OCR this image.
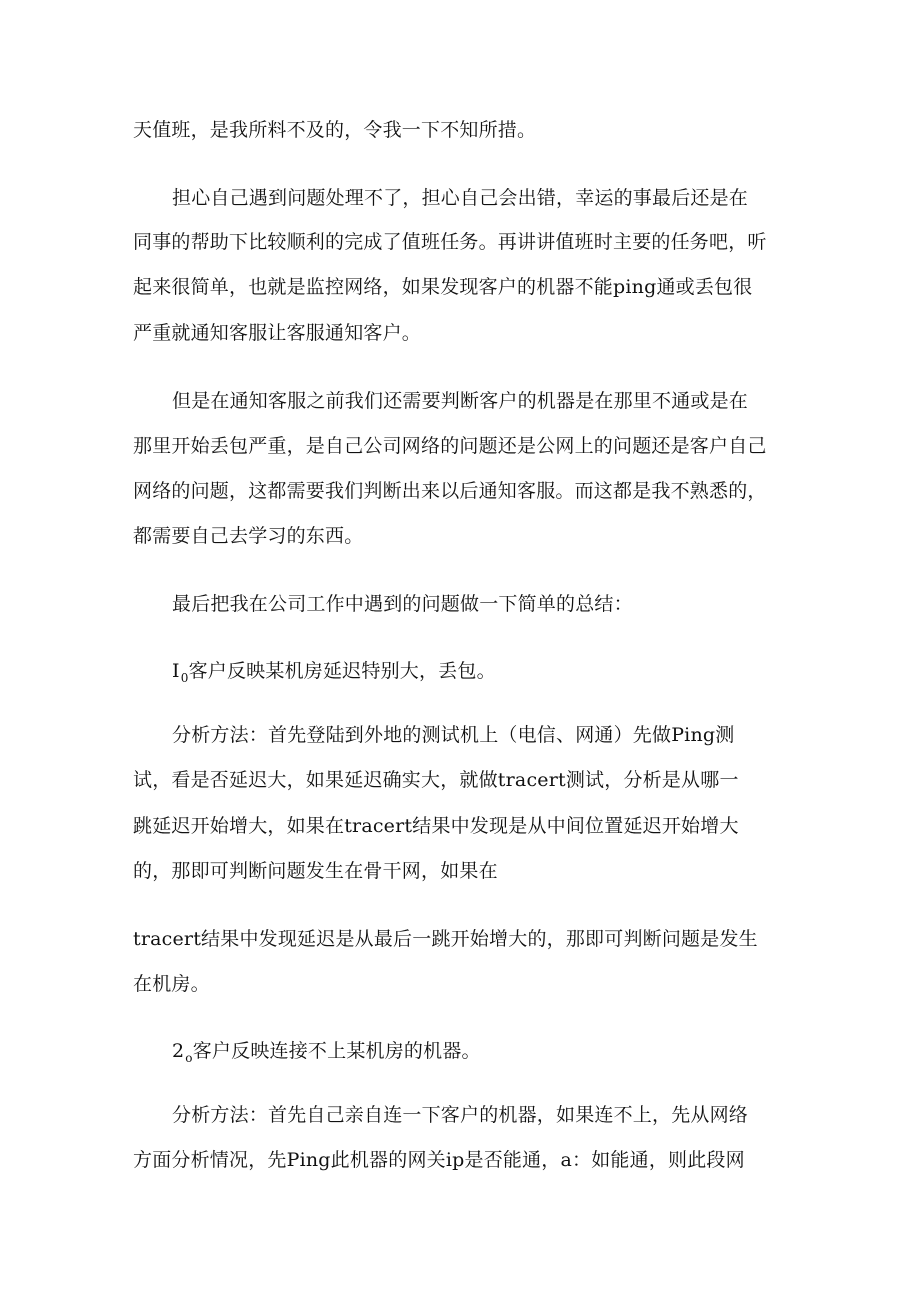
天值班，是我所料不及的，令我一下不知所措。
担心自己遇到问题处理不了，担心自己会出错，幸运的事最后还是在
同事的帮助下比较顺利的完成了值班任务。再讲讲值班时主要的任务吧，听
起来很简单，也就是监控网络，如果发现客户的机器不能ping通或丢包很
严重就通知客服让客服通知客户。
但是在通知客服之前我们还需要判断客户的机器是在那里不通或是在
那里开始丢包严重，是自己公司网络的问题还是公网上的问题还是客户自己
网络的问题，这都需要我们判断出来以后通知客服。而这都是我不熟悉的，
都需要自己去学习的东西。
最后把我在公司工作中遇到的问题做一下简单的总结：
$I_0$客户反映某机房延迟特别大，丢包。
分析方法：首先登陆到外地的测试机上（电信、网通）先做Ping测
试，看是否延迟大，如果延迟确实大，就做tracert测试，分析是从哪一
跳延迟开始增大，如果在tracert结果中发现是从中间位置延迟开始增大
的，那即可判断问题发生在骨干网，如果在
tracert结果中发现延迟是从最后一跳开始增大的，那即可判断问题是发生
在机房。
$2_o$客户反映连接不上某机房的机器。
分析方法：首先自己亲自连一下客户的机器，如果连不上，先从网络
方面分析情况，先Ping此机器的网关ip是否能通，a：如能通，则此段网
